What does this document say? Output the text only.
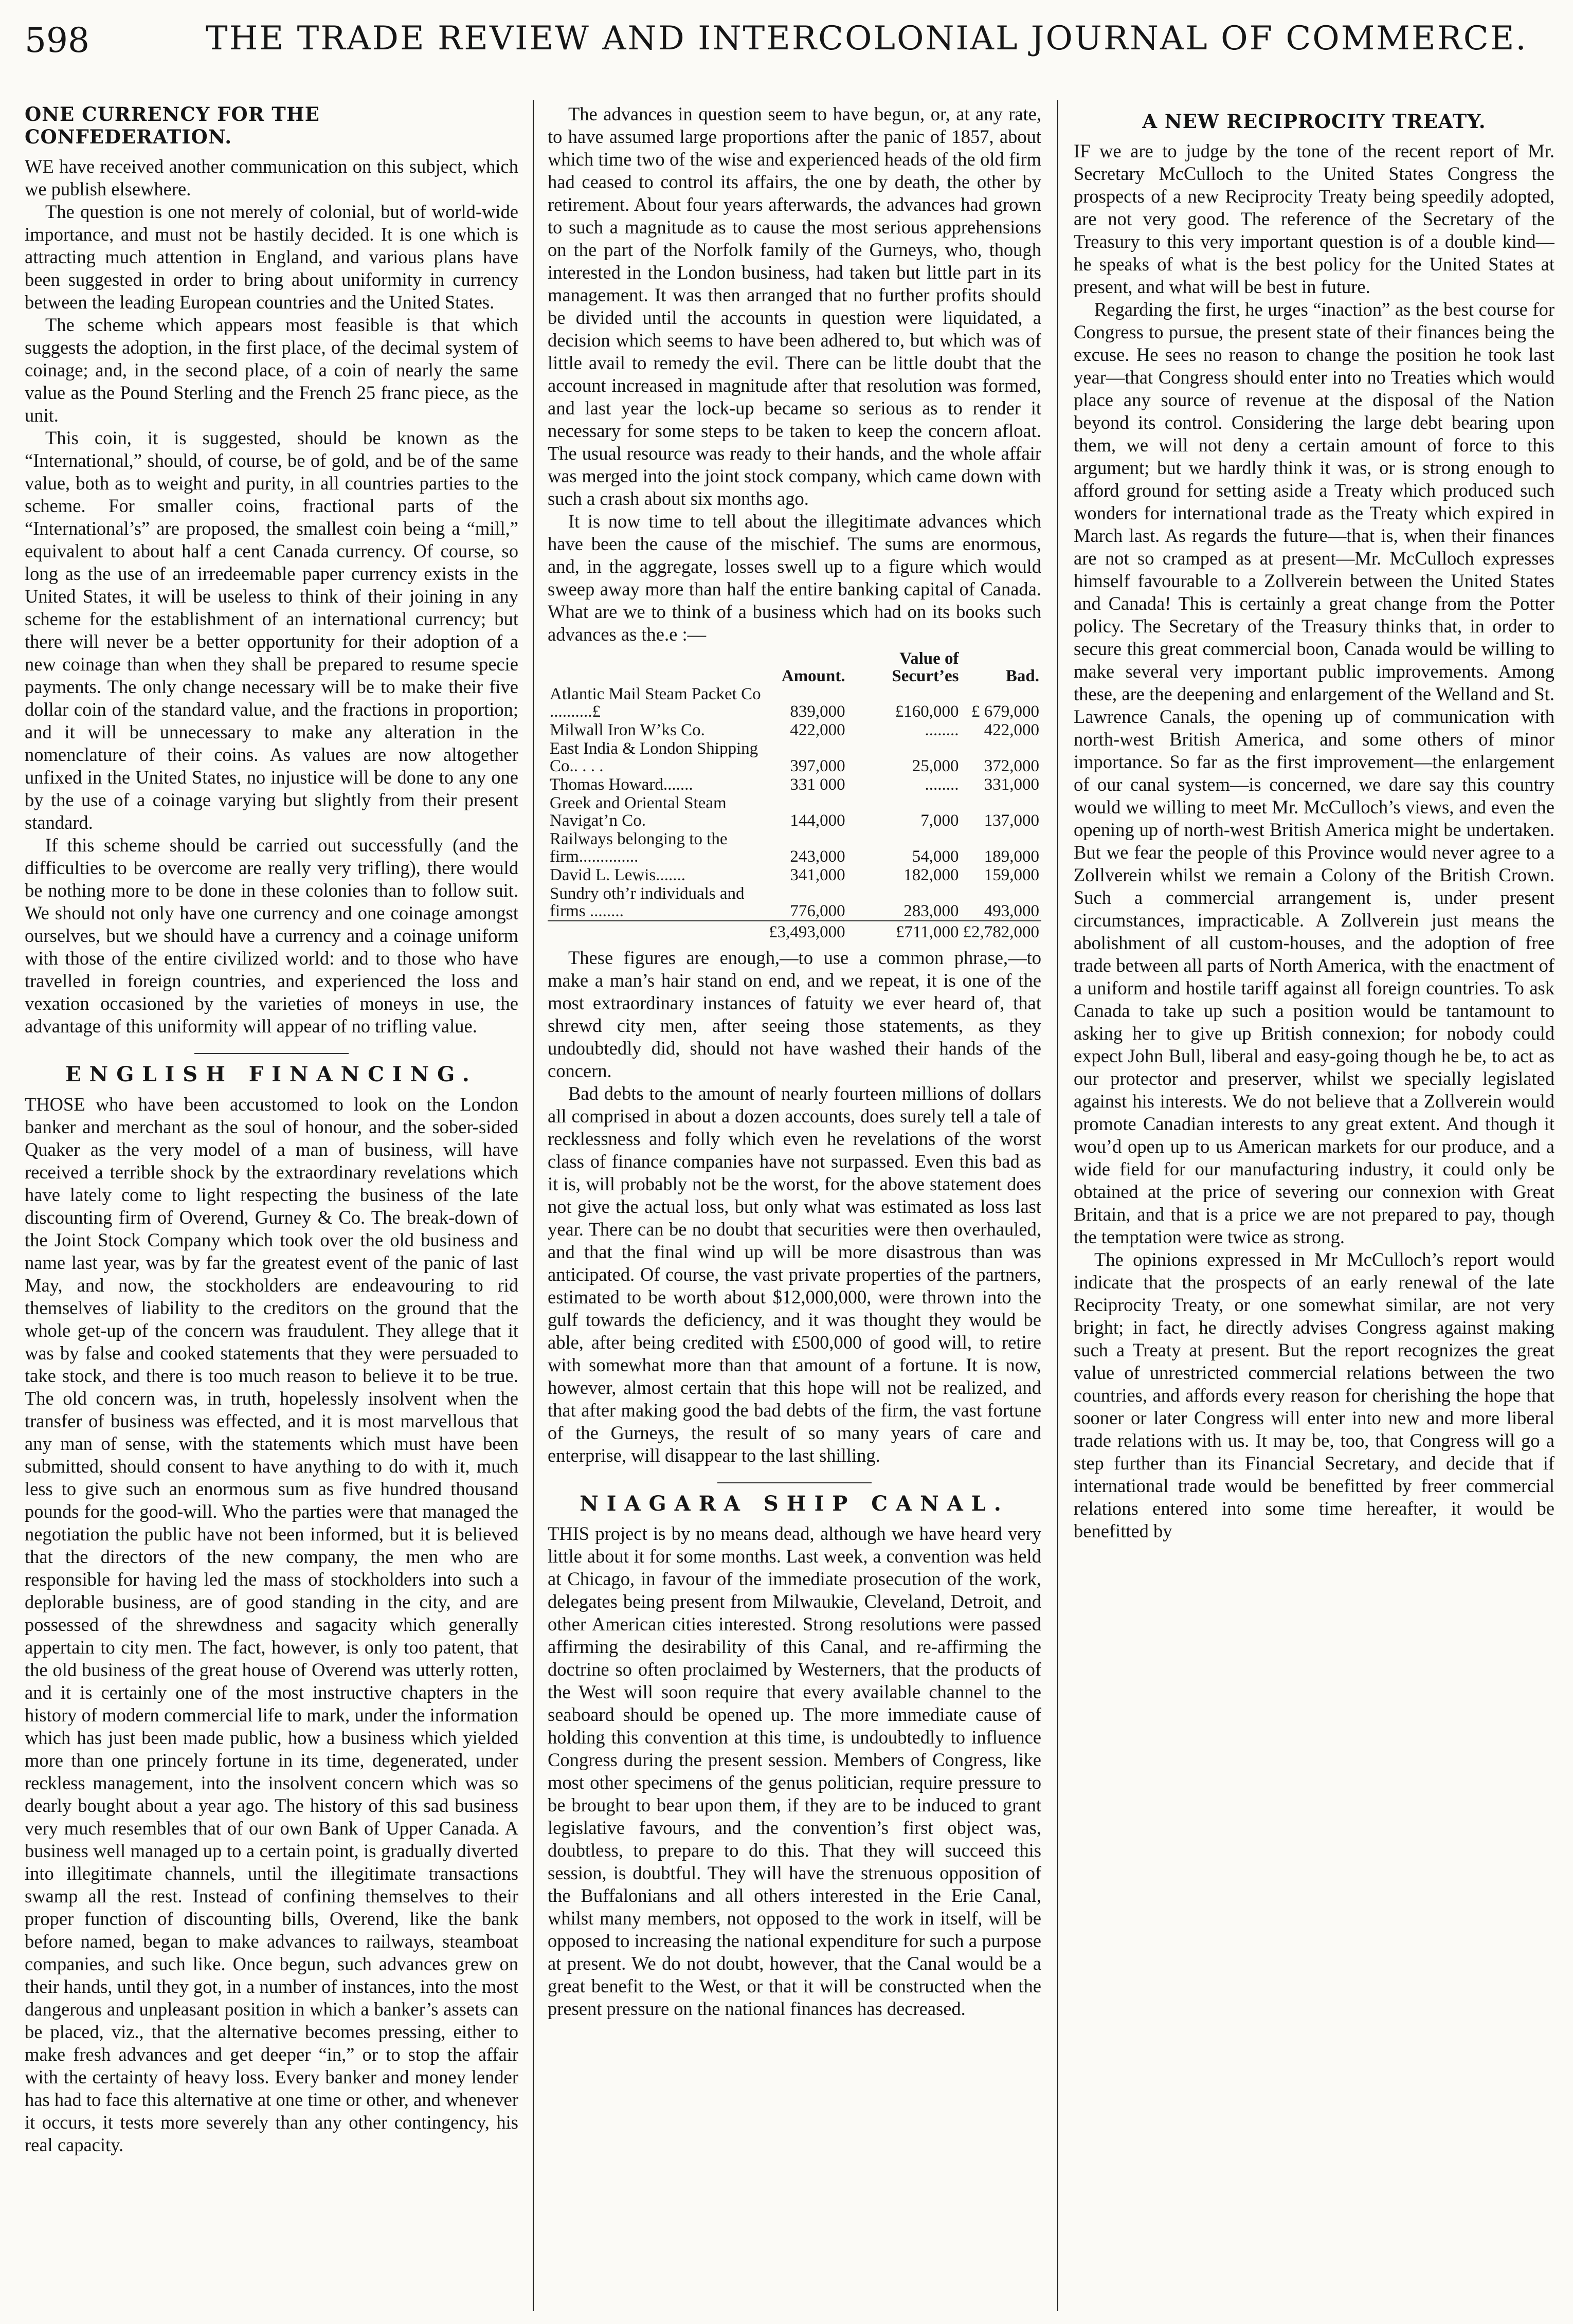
598	THE TRADE REVIEW AND INTERCOLONIAL JOURNAL OF COMMERCE.
ONE CURRENCY FOR THE CONFEDERATION.

WE have received another communication on this subject, which we publish elsewhere.

The question is one not merely of colonial, but of world-wide importance, and must not be hastily decided. It is one which is attracting much attention in England, and various plans have been suggested in order to bring about uniformity in currency between the leading European countries and the United States.

The scheme which appears most feasible is that which suggests the adoption, in the first place, of the decimal system of coinage; and, in the second place, of a coin of nearly the same value as the Pound Sterling and the French 25 franc piece, as the unit.

This coin, it is suggested, should be known as the “International,” should, of course, be of gold, and be of the same value, both as to weight and purity, in all countries parties to the scheme. For smaller coins, fractional parts of the “International’s” are proposed, the smallest coin being a “mill,” equivalent to about half a cent Canada currency. Of course, so long as the use of an irredeemable paper currency exists in the United States, it will be useless to think of their joining in any scheme for the establishment of an international currency; but there will never be a better opportunity for their adoption of a new coinage than when they shall be prepared to resume specie payments. The only change necessary will be to make their five dollar coin of the standard value, and the fractions in proportion; and it will be unnecessary to make any alteration in the nomenclature of their coins. As values are now altogether unfixed in the United States, no injustice will be done to any one by the use of a coinage varying but slightly from their present standard.

If this scheme should be carried out successfully (and the difficulties to be overcome are really very trifling), there would be nothing more to be done in these colonies than to follow suit. We should not only have one currency and one coinage amongst ourselves, but we should have a currency and a coinage uniform with those of the entire civilized world: and to those who have travelled in foreign countries, and experienced the loss and vexation occasioned by the varieties of moneys in use, the advantage of this uniformity will appear of no trifling value.

ENGLISH FINANCING.

THOSE who have been accustomed to look on the London banker and merchant as the soul of honour, and the sober-sided Quaker as the very model of a man of business, will have received a terrible shock by the extraordinary revelations which have lately come to light respecting the business of the late discounting firm of Overend, Gurney & Co. The break-down of the Joint Stock Company which took over the old business and name last year, was by far the greatest event of the panic of last May, and now, the stockholders are endeavouring to rid themselves of liability to the creditors on the ground that the whole get-up of the concern was fraudulent. They allege that it was by false and cooked statements that they were persuaded to take stock, and there is too much reason to believe it to be true. The old concern was, in truth, hopelessly insolvent when the transfer of business was effected, and it is most marvellous that any man of sense, with the statements which must have been submitted, should consent to have anything to do with it, much less to give such an enormous sum as five hundred thousand pounds for the good-will. Who the parties were that managed the negotiation the public have not been informed, but it is believed that the directors of the new company, the men who are responsible for having led the mass of stockholders into such a deplorable business, are of good standing in the city, and are possessed of the shrewdness and sagacity which generally appertain to city men. The fact, however, is only too patent, that the old business of the great house of Overend was utterly rotten, and it is certainly one of the most instructive chapters in the history of modern commercial life to mark, under the information which has just been made public, how a business which yielded more than one princely fortune in its time, degenerated, under reckless management, into the insolvent concern which was so dearly bought about a year ago. The history of this sad business very much resembles that of our own Bank of Upper Canada. A business well managed up to a certain point, is gradually diverted into illegitimate channels, until the illegitimate transactions swamp all the rest. Instead of confining themselves to their proper function of discounting bills, Overend, like the bank before named, began to make advances to railways, steamboat companies, and such like. Once begun, such advances grew on their hands, until they got, in a number of instances, into the most dangerous and unpleasant position in which a banker’s assets can be placed, viz., that the alternative becomes pressing, either to make fresh advances and get deeper “in,” or to stop the affair with the certainty of heavy loss. Every banker and money lender has had to face this alternative at one time or other, and whenever it occurs, it tests more severely than any other contingency, his real capacity.

The advances in question seem to have begun, or, at any rate, to have assumed large proportions after the panic of 1857, about which time two of the wise and experienced heads of the old firm had ceased to control its affairs, the one by death, the other by retirement. About four years afterwards, the advances had grown to such a magnitude as to cause the most serious apprehensions on the part of the Norfolk family of the Gurneys, who, though interested in the London business, had taken but little part in its management. It was then arranged that no further profits should be divided until the accounts in question were liquidated, a decision which seems to have been adhered to, but which was of little avail to remedy the evil. There can be little doubt that the account increased in magnitude after that resolution was formed, and last year the lock-up became so serious as to render it necessary for some steps to be taken to keep the concern afloat. The usual resource was ready to their hands, and the whole affair was merged into the joint stock company, which came down with such a crash about six months ago.

It is now time to tell about the illegitimate advances which have been the cause of the mischief. The sums are enormous, and, in the aggregate, losses swell up to a figure which would sweep away more than half the entire banking capital of Canada. What are we to think of a business which had on its books such advances as the.e :—

	Amount.	Value of Securt’es	Bad.
Atlantic Mail Steam Packet Co ..........£	839,000	£160,000	£ 679,000
Milwall Iron W’ks Co.	422,000	........	422,000
East India & London Shipping Co.. . . .	397,000	25,000	372,000
Thomas Howard.......	331 000	........	331,000
Greek and Oriental Steam Navigat’n Co.	144,000	7,000	137,000
Railways belonging to the firm..............	243,000	54,000	189,000
David L. Lewis.......	341,000	182,000	159,000
Sundry oth’r individuals and firms ........	776,000	283,000	493,000
	£3,493,000	£711,000	£2,782,000

These figures are enough,—to use a common phrase,—to make a man’s hair stand on end, and we repeat, it is one of the most extraordinary instances of fatuity we ever heard of, that shrewd city men, after seeing those statements, as they undoubtedly did, should not have washed their hands of the concern.

Bad debts to the amount of nearly fourteen millions of dollars all comprised in about a dozen accounts, does surely tell a tale of recklessness and folly which even he revelations of the worst class of finance companies have not surpassed. Even this bad as it is, will probably not be the worst, for the above statement does not give the actual loss, but only what was estimated as loss last year. There can be no doubt that securities were then overhauled, and that the final wind up will be more disastrous than was anticipated. Of course, the vast private properties of the partners, estimated to be worth about $12,000,000, were thrown into the gulf towards the deficiency, and it was thought they would be able, after being credited with £500,000 of good will, to retire with somewhat more than that amount of a fortune. It is now, however, almost certain that this hope will not be realized, and that after making good the bad debts of the firm, the vast fortune of the Gurneys, the result of so many years of care and enterprise, will disappear to the last shilling.

NIAGARA SHIP CANAL.

THIS project is by no means dead, although we have heard very little about it for some months. Last week, a convention was held at Chicago, in favour of the immediate prosecution of the work, delegates being present from Milwaukie, Cleveland, Detroit, and other American cities interested. Strong resolutions were passed affirming the desirability of this Canal, and re-affirming the doctrine so often proclaimed by Westerners, that the products of the West will soon require that every available channel to the seaboard should be opened up. The more immediate cause of holding this convention at this time, is undoubtedly to influence Congress during the present session. Members of Congress, like most other specimens of the genus politician, require pressure to be brought to bear upon them, if they are to be induced to grant legislative favours, and the convention’s first object was, doubtless, to prepare to do this. That they will succeed this session, is doubtful. They will have the strenuous opposition of the Buffalonians and all others interested in the Erie Canal, whilst many members, not opposed to the work in itself, will be opposed to increasing the national expenditure for such a purpose at present. We do not doubt, however, that the Canal would be a great benefit to the West, or that it will be constructed when the present pressure on the national finances has decreased.

A NEW RECIPROCITY TREATY.

IF we are to judge by the tone of the recent report of Mr. Secretary McCulloch to the United States Congress the prospects of a new Reciprocity Treaty being speedily adopted, are not very good. The reference of the Secretary of the Treasury to this very important question is of a double kind—he speaks of what is the best policy for the United States at present, and what will be best in future.

Regarding the first, he urges “inaction” as the best course for Congress to pursue, the present state of their finances being the excuse. He sees no reason to change the position he took last year—that Congress should enter into no Treaties which would place any source of revenue at the disposal of the Nation beyond its control. Considering the large debt bearing upon them, we will not deny a certain amount of force to this argument; but we hardly think it was, or is strong enough to afford ground for setting aside a Treaty which produced such wonders for international trade as the Treaty which expired in March last. As regards the future—that is, when their finances are not so cramped as at present—Mr. McCulloch expresses himself favourable to a Zollverein between the United States and Canada! This is certainly a great change from the Potter policy. The Secretary of the Treasury thinks that, in order to secure this great commercial boon, Canada would be willing to make several very important public improvements. Among these, are the deepening and enlargement of the Welland and St. Lawrence Canals, the opening up of communication with north-west British America, and some others of minor importance. So far as the first improvement—the enlargement of our canal system—is concerned, we dare say this country would we willing to meet Mr. McCulloch’s views, and even the opening up of north-west British America might be undertaken. But we fear the people of this Province would never agree to a Zollverein whilst we remain a Colony of the British Crown. Such a commercial arrangement is, under present circumstances, impracticable. A Zollverein just means the abolishment of all custom-houses, and the adoption of free trade between all parts of North America, with the enactment of a uniform and hostile tariff against all foreign countries. To ask Canada to take up such a position would be tantamount to asking her to give up British connexion; for nobody could expect John Bull, liberal and easy-going though he be, to act as our protector and preserver, whilst we specially legislated against his interests. We do not believe that a Zollverein would promote Canadian interests to any great extent. And though it wou’d open up to us American markets for our produce, and a wide field for our manufacturing industry, it could only be obtained at the price of severing our connexion with Great Britain, and that is a price we are not prepared to pay, though the temptation were twice as strong.

The opinions expressed in Mr McCulloch’s report would indicate that the prospects of an early renewal of the late Reciprocity Treaty, or one somewhat similar, are not very bright; in fact, he directly advises Congress against making such a Treaty at present. But the report recognizes the great value of unrestricted commercial relations between the two countries, and affords every reason for cherishing the hope that sooner or later Congress will enter into new and more liberal trade relations with us. It may be, too, that Congress will go a step further than its Financial Secretary, and decide that if international trade would be benefitted by freer commercial relations entered into some time hereafter, it would be benefitted by
